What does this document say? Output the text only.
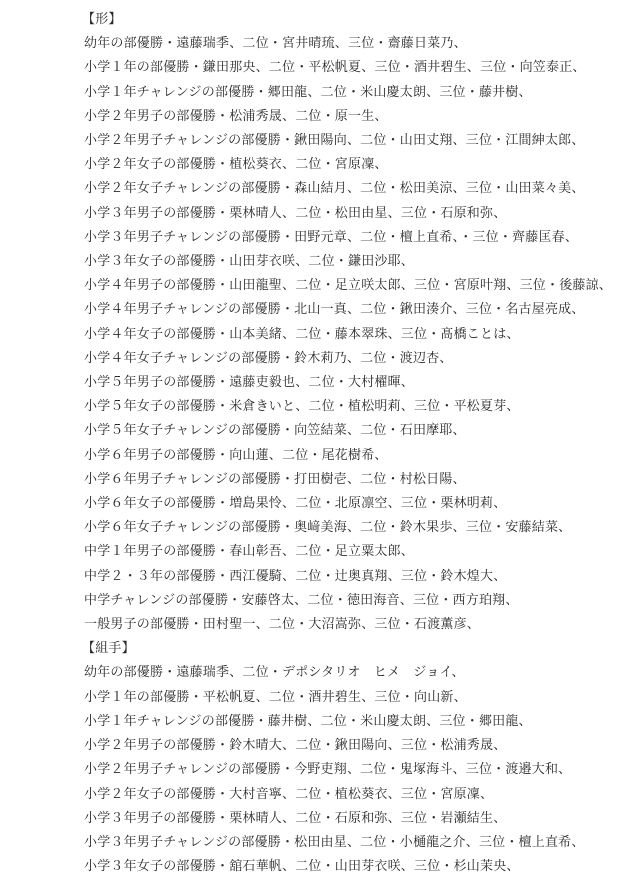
【形】
幼年の部優勝・遠藤瑞季、二位・宮井晴琉、三位・齋藤日菜乃、
小学１年の部優勝・鎌田那央、二位・平松帆夏、三位・酒井碧生、三位・向笠泰正、
小学１年チャレンジの部優勝・郷田龍、二位・米山慶太朗、三位・藤井樹、
小学２年男子の部優勝・松浦秀晟、二位・原一生、
小学２年男子チャレンジの部優勝・鍬田陽向、二位・山田丈翔、三位・江間紳太郎、
小学２年女子の部優勝・植松葵衣、二位・宮原凜、
小学２年女子チャレンジの部優勝・森山結月、二位・松田美涼、三位・山田菜々美、
小学３年男子の部優勝・栗林晴人、二位・松田由星、三位・石原和弥、
小学３年男子チャレンジの部優勝・田野元章、二位・檀上直希、・三位・齊藤匡春、
小学３年女子の部優勝・山田芽衣咲、二位・鎌田沙耶、
小学４年男子の部優勝・山田龍聖、二位・足立咲太郎、三位・宮原叶翔、三位・後藤諒、
小学４年男子チャレンジの部優勝・北山一真、二位・鍬田湊介、三位・名古屋亮成、
小学４年女子の部優勝・山本美緒、二位・藤本翠珠、三位・髙橋ことは、
小学４年女子チャレンジの部優勝・鈴木莉乃、二位・渡辺杏、
小学５年男子の部優勝・遠藤吏毅也、二位・大村櫂暉、
小学５年女子の部優勝・米倉きいと、二位・植松明莉、三位・平松夏芽、
小学５年女子チャレンジの部優勝・向笠結菜、二位・石田摩耶、
小学６年男子の部優勝・向山蓮、二位・尾花樹希、
小学６年男子チャレンジの部優勝・打田樹壱、二位・村松日陽、
小学６年女子の部優勝・増島果怜、二位・北原凛空、三位・栗林明莉、
小学６年女子チャレンジの部優勝・奥﨑美海、二位・鈴木果歩、三位・安藤結菜、
中学１年男子の部優勝・春山彰吾、二位・足立粟太郎、
中学２・３年の部優勝・西江優騎、二位・辻奥真翔、三位・鈴木煌大、
中学チャレンジの部優勝・安藤啓太、二位・徳田海音、三位・西方珀翔、
一般男子の部優勝・田村聖一、二位・大沼嵩弥、三位・石渡薫彦、
【組手】
幼年の部優勝・遠藤瑞季、二位・デポシタリオ　ヒメ　ジョイ、
小学１年の部優勝・平松帆夏、二位・酒井碧生、三位・向山新、
小学１年チャレンジの部優勝・藤井樹、二位・米山慶太朗、三位・郷田龍、
小学２年男子の部優勝・鈴木晴大、二位・鍬田陽向、三位・松浦秀晟、
小学２年男子チャレンジの部優勝・今野吏翔、二位・鬼塚海斗、三位・渡邉大和、
小学２年女子の部優勝・大村音寧、二位・植松葵衣、三位・宮原凜、
小学３年男子の部優勝・栗林晴人、二位・石原和弥、三位・岩瀬結生、
小学３年男子チャレンジの部優勝・松田由星、二位・小樋龍之介、三位・檀上直希、
小学３年女子の部優勝・舘石華帆、二位・山田芽衣咲、三位・杉山茉央、
